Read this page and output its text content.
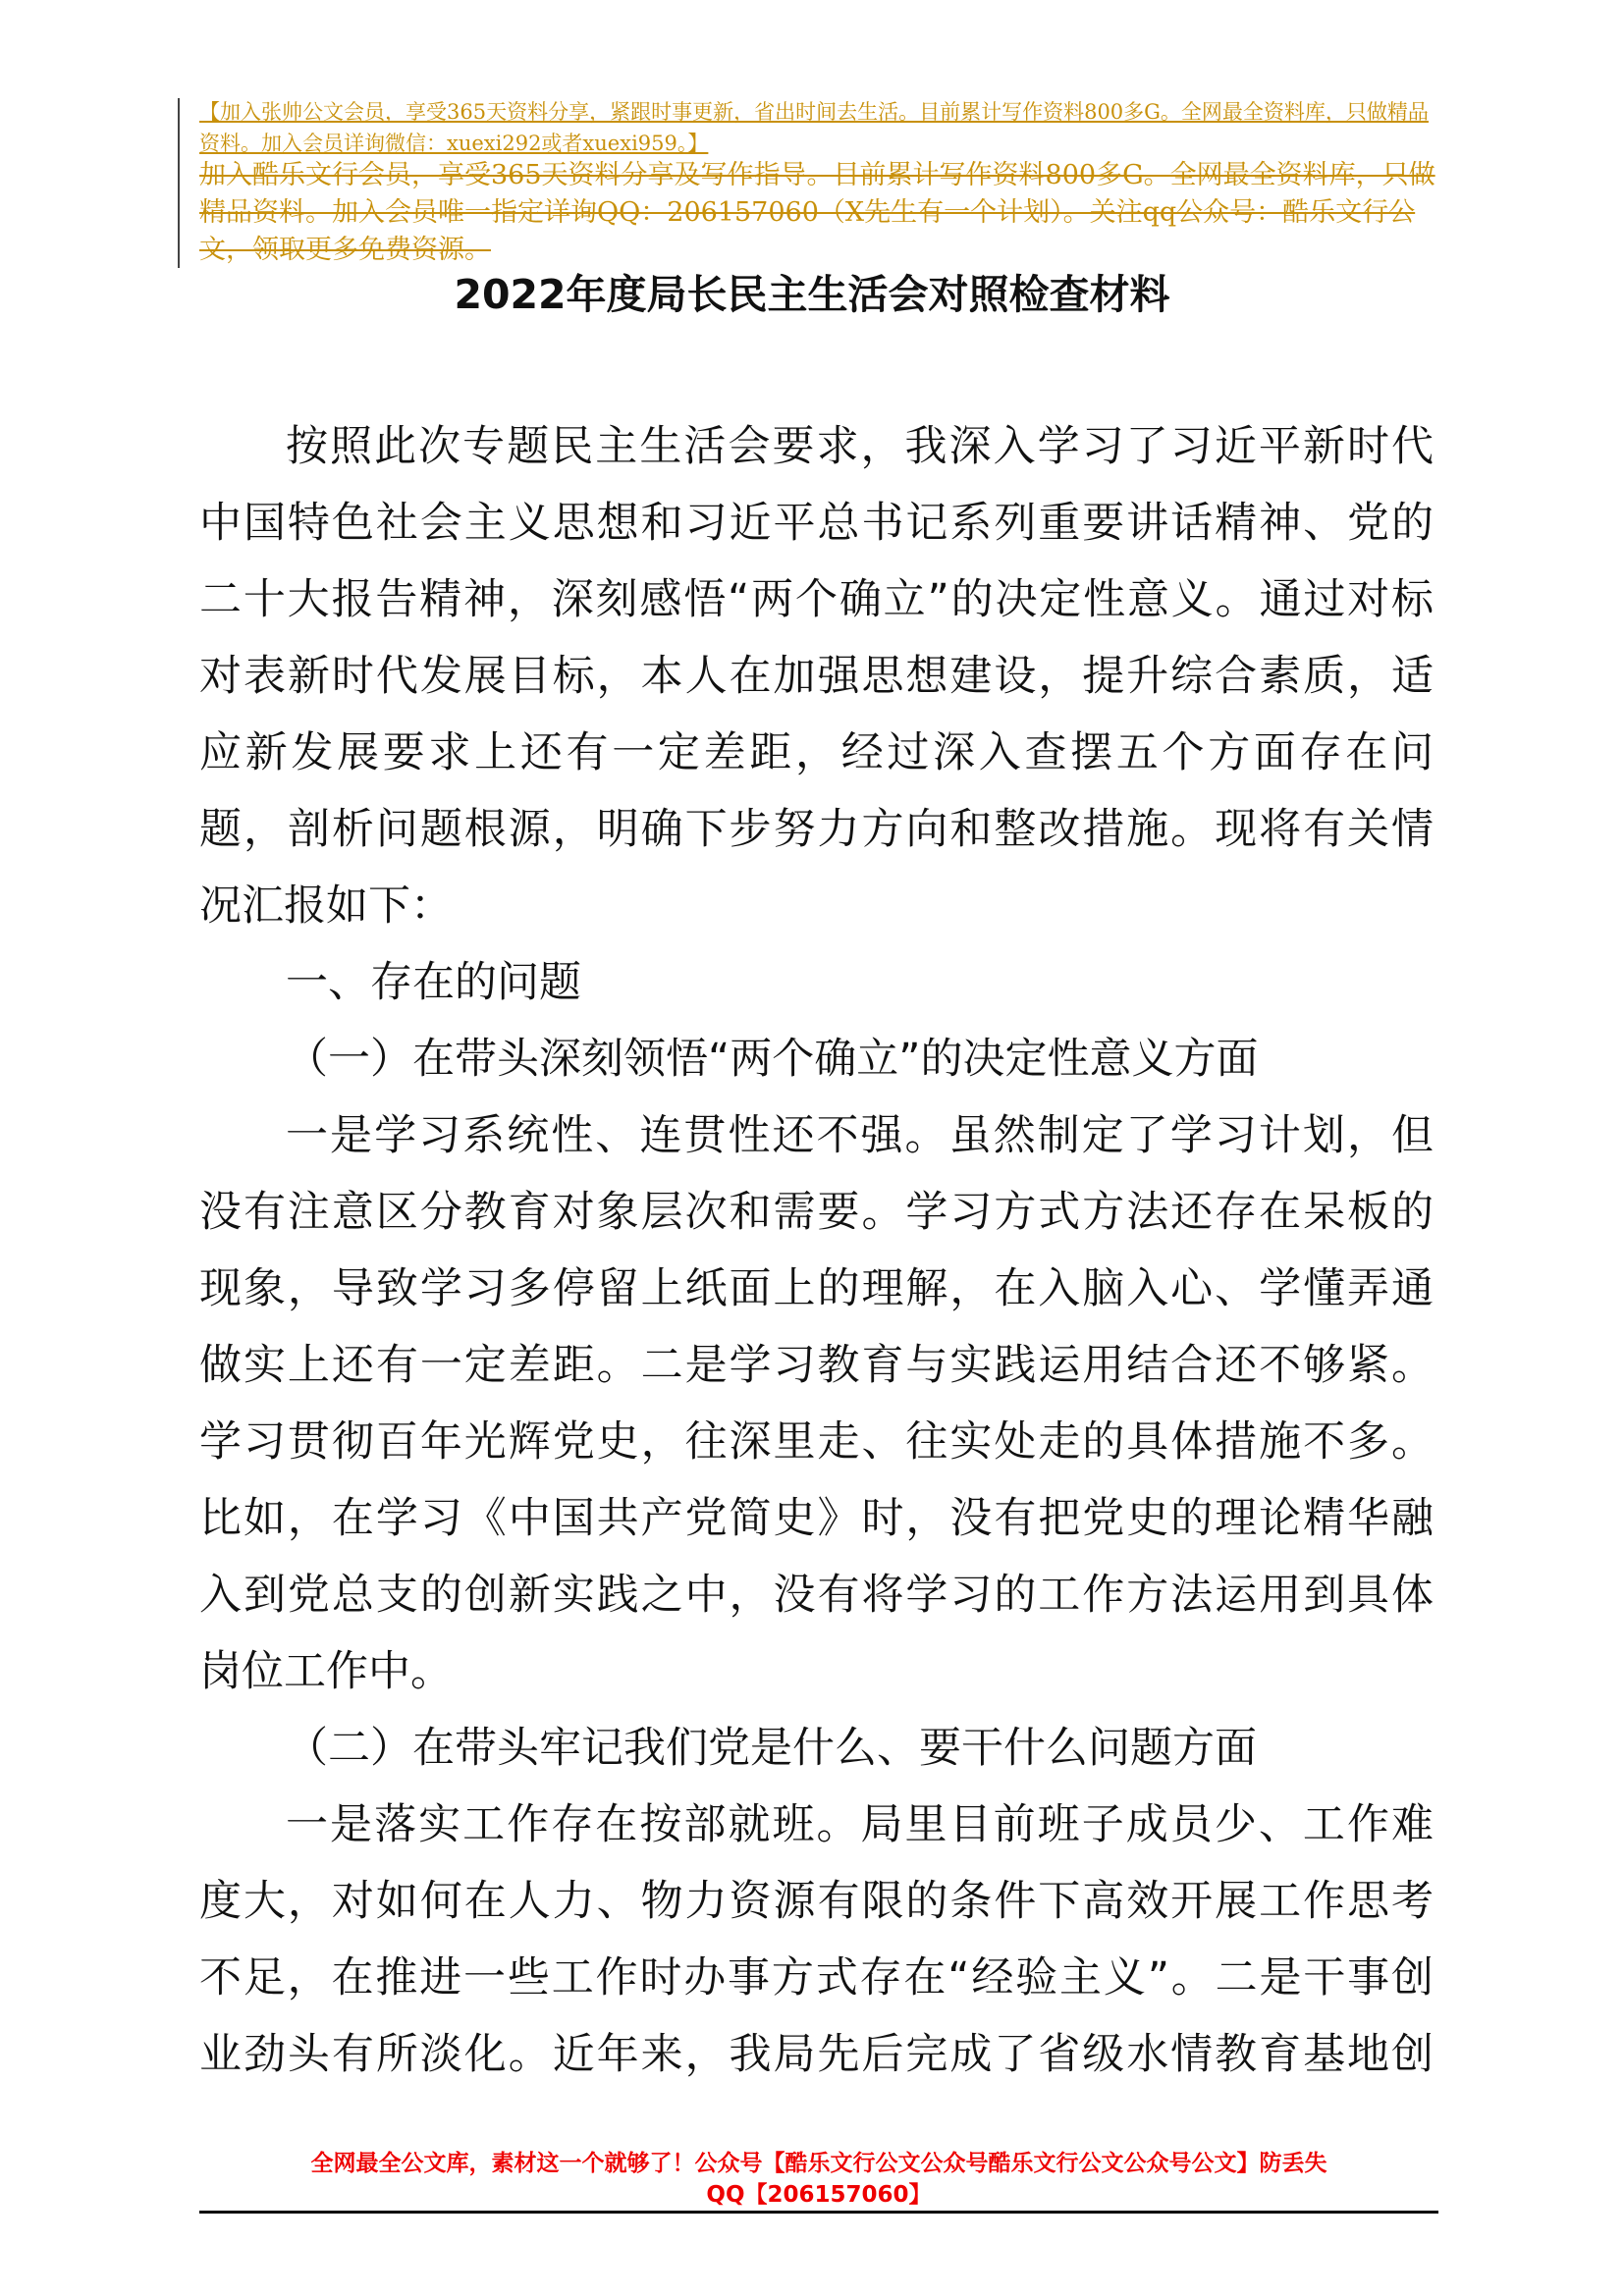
【加入张帅公文会员，享受365天资料分享，紧跟时事更新，省出时间去生活。目前累计写作资料800多G。全网最全资料库，只做精品资料。加入会员详询微信：xuexi292或者xuexi959。】
加入酷乐文行会员，享受365天资料分享及写作指导。目前累计写作资料800多G。全网最全资料库，只做精品资料。加入会员唯一指定详询QQ：206157060（X先生有一个计划）。关注qq公众号：酷乐文行公文，领取更多免费资源。
2022年度局长民主生活会对照检查材料
按照此次专题民主生活会要求，我深入学习了习近平新时代
中国特色社会主义思想和习近平总书记系列重要讲话精神、党的
二十大报告精神，深刻感悟“两个确立”的决定性意义。通过对标
对表新时代发展目标，本人在加强思想建设，提升综合素质，适
应新发展要求上还有一定差距，经过深入查摆五个方面存在问
题，剖析问题根源，明确下步努力方向和整改措施。现将有关情
况汇报如下：
一、存在的问题
（一）在带头深刻领悟“两个确立”的决定性意义方面
一是学习系统性、连贯性还不强。虽然制定了学习计划，但
没有注意区分教育对象层次和需要。学习方式方法还存在呆板的
现象，导致学习多停留上纸面上的理解，在入脑入心、学懂弄通
做实上还有一定差距。二是学习教育与实践运用结合还不够紧。
学习贯彻百年光辉党史，往深里走、往实处走的具体措施不多。
比如，在学习《中国共产党简史》时，没有把党史的理论精华融
入到党总支的创新实践之中，没有将学习的工作方法运用到具体
岗位工作中。
（二）在带头牢记我们党是什么、要干什么问题方面
一是落实工作存在按部就班。局里目前班子成员少、工作难
度大，对如何在人力、物力资源有限的条件下高效开展工作思考
不足，在推进一些工作时办事方式存在“经验主义”。二是干事创
业劲头有所淡化。近年来，我局先后完成了省级水情教育基地创
全网最全公文库，素材这一个就够了！公众号【酷乐文行公文公众号酷乐文行公文公众号公文】防丢失
QQ【206157060】
